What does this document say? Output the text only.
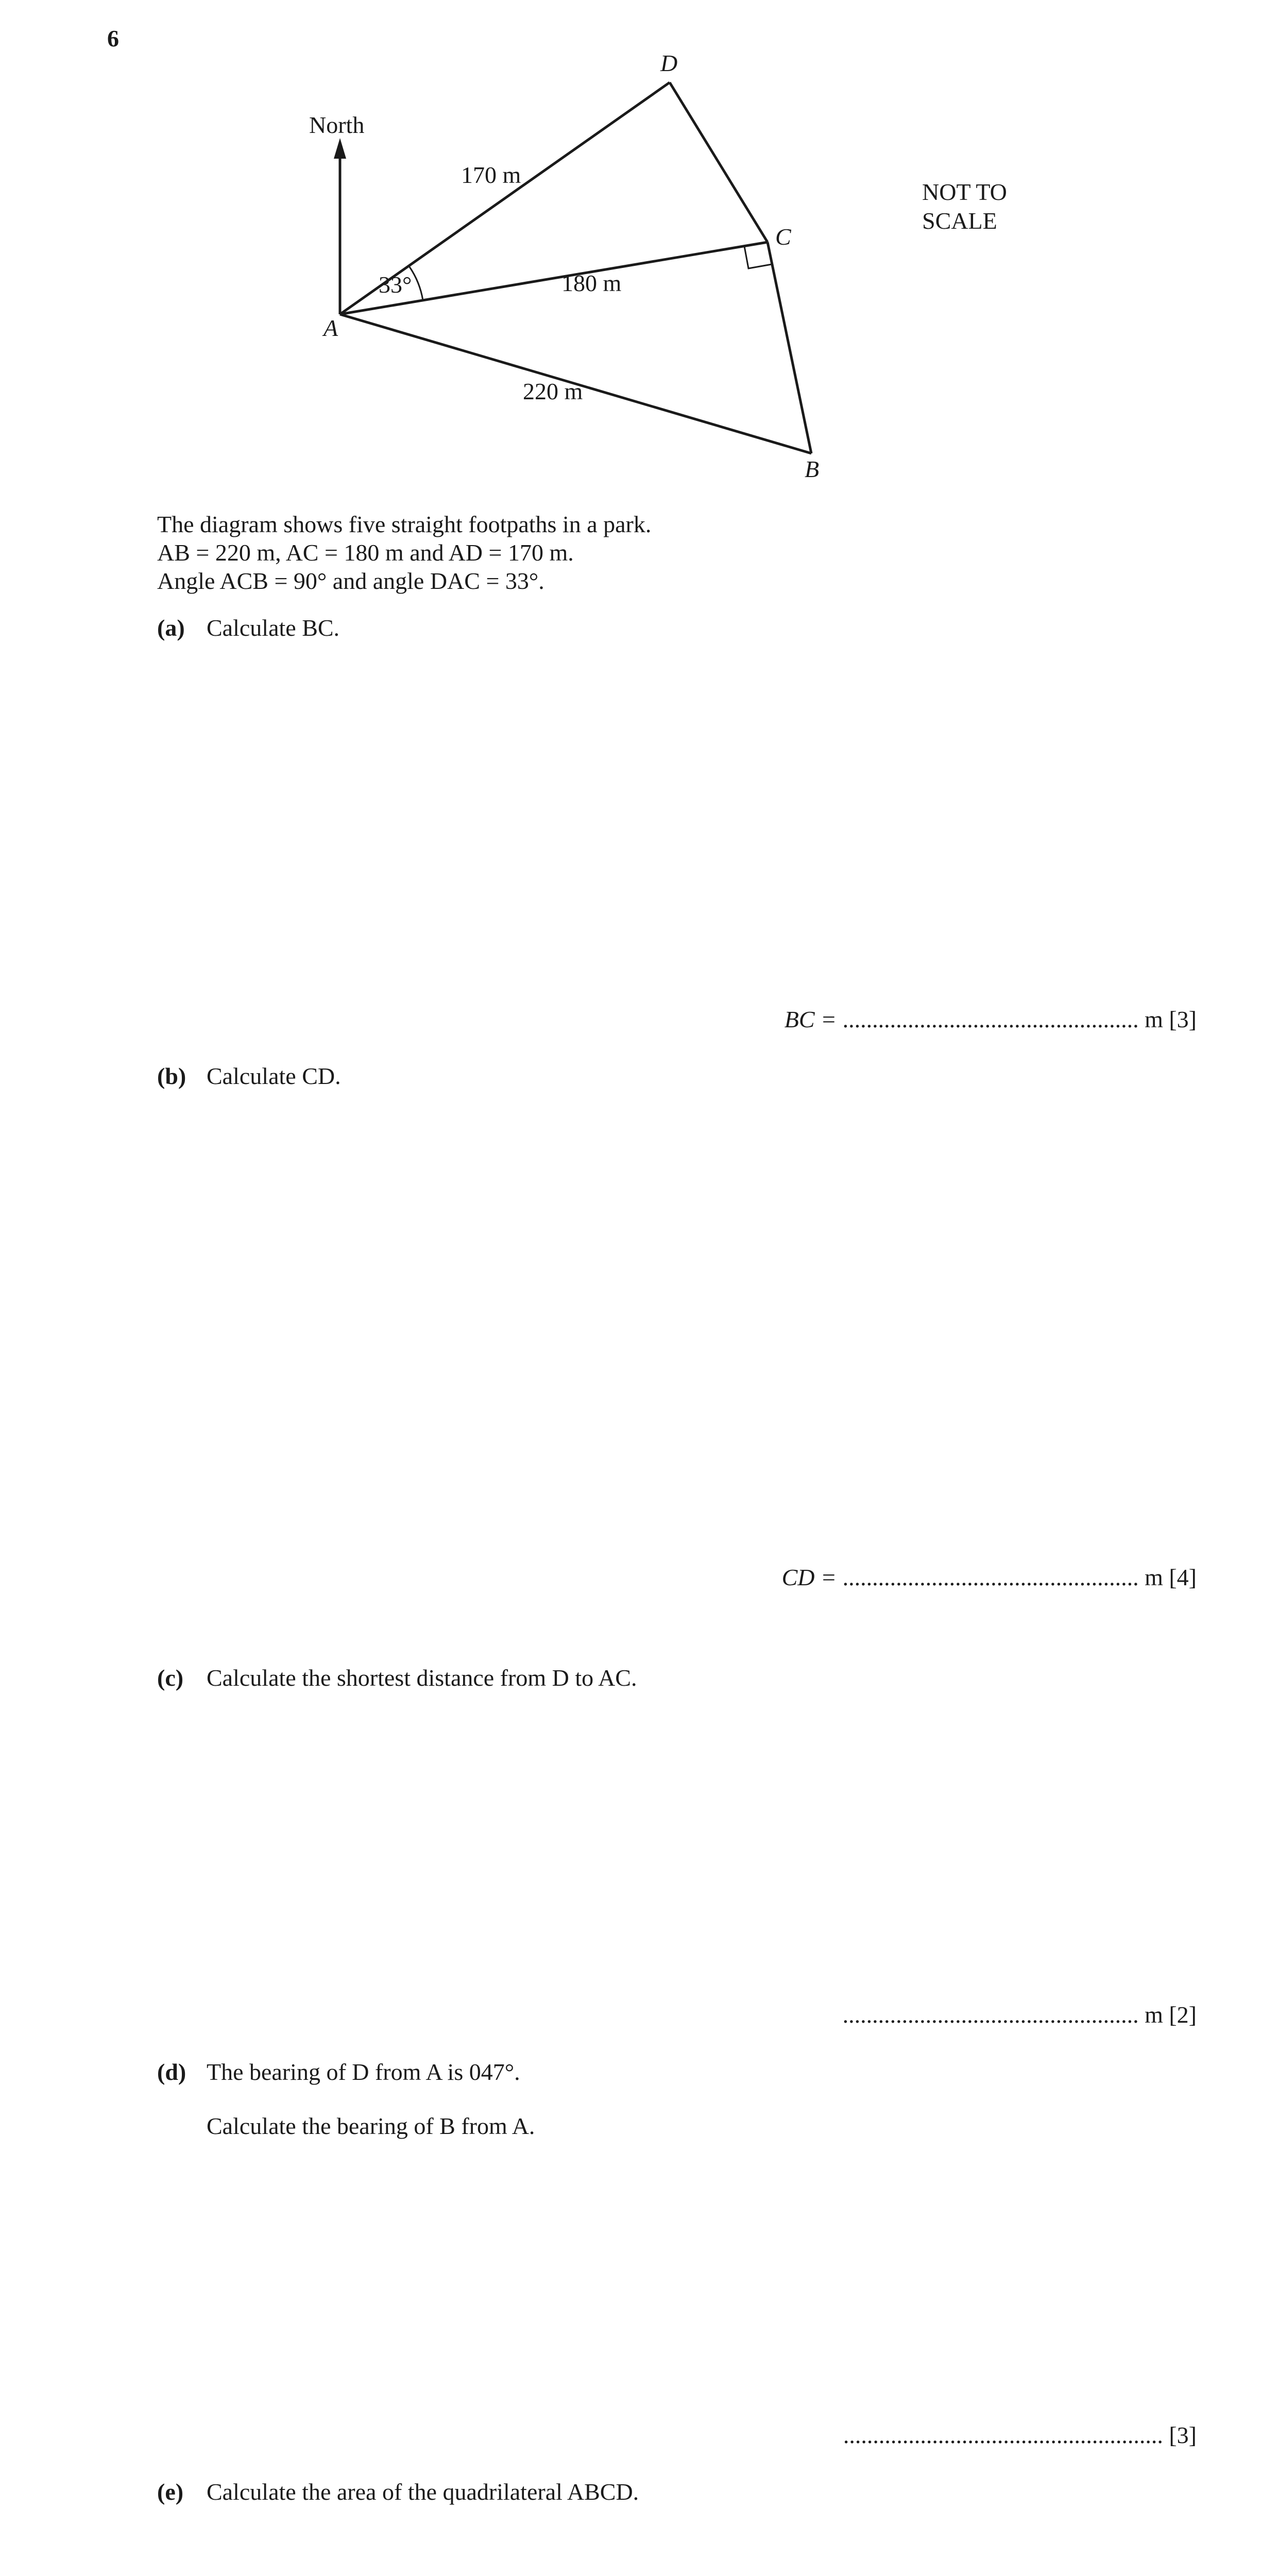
6
North
D
C
A
B
170 m
180 m
220 m
33°
NOT TO
SCALE
The diagram shows five straight footpaths in a park.
AB = 220 m, AC = 180 m and AD = 170 m.
Angle ACB = 90° and angle DAC = 33°.
(a) Calculate BC.
BC = .................................................. m [3]
(b) Calculate CD.
CD = .................................................. m [4]
(c) Calculate the shortest distance from D to AC.
.................................................. m [2]
(d) The bearing of D from A is 047°.
Calculate the bearing of B from A.
...................................................... [3]
(e) Calculate the area of the quadrilateral ABCD.
